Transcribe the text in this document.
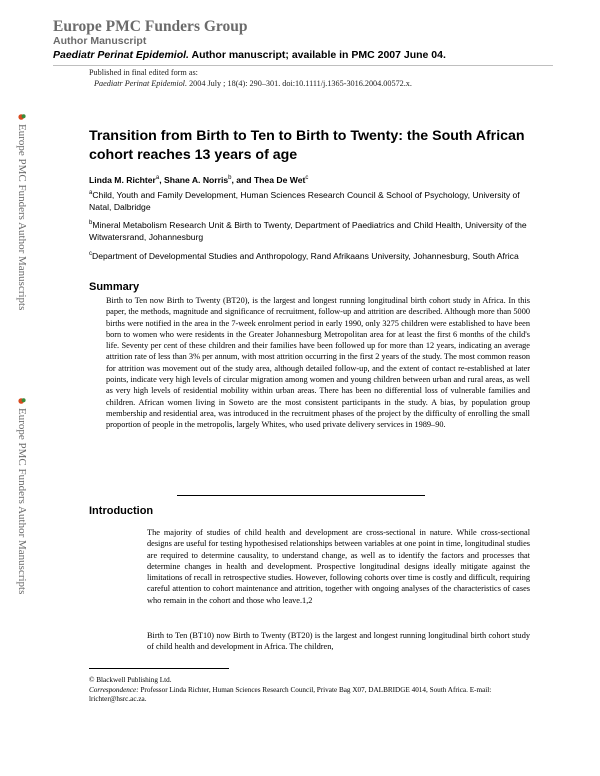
Europe PMC Funders Group
Author Manuscript
Paediatr Perinat Epidemiol. Author manuscript; available in PMC 2007 June 04.
Published in final edited form as:
Paediatr Perinat Epidemiol. 2004 July ; 18(4): 290–301. doi:10.1111/j.1365-3016.2004.00572.x.
Europe PMC Funders Author Manuscripts
Europe PMC Funders Author Manuscripts
Transition from Birth to Ten to Birth to Twenty: the South African cohort reaches 13 years of age
Linda M. Richter$^a$, Shane A. Norris$^b$, and Thea De Wet$^c$
$^a$Child, Youth and Family Development, Human Sciences Research Council & School of Psychology, University of Natal, Dalbridge
$^b$Mineral Metabolism Research Unit & Birth to Twenty, Department of Paediatrics and Child Health, University of the Witwatersrand, Johannesburg
$^c$Department of Developmental Studies and Anthropology, Rand Afrikaans University, Johannesburg, South Africa
Summary
Birth to Ten now Birth to Twenty (BT20), is the largest and longest running longitudinal birth cohort study in Africa. In this paper, the methods, magnitude and significance of recruitment, follow-up and attrition are described. Although more than 5000 births were notified in the area in the 7-week enrolment period in early 1990, only 3275 children were established to have been born to women who were residents in the Greater Johannesburg Metropolitan area for at least the first 6 months of the child's life. Seventy per cent of these children and their families have been followed up for more than 12 years, indicating an average attrition rate of less than 3% per annum, with most attrition occurring in the first 2 years of the study. The most common reason for attrition was movement out of the study area, although detailed follow-up, and the extent of contact re-established at later points, indicate very high levels of circular migration among women and young children between urban and rural areas, as well as very high levels of residential mobility within urban areas. There has been no differential loss of vulnerable families and children. African women living in Soweto are the most consistent participants in the study. A bias, by population group membership and residential area, was introduced in the recruitment phases of the project by the difficulty of enrolling the small proportion of people in the metropolis, largely Whites, who used private delivery services in 1989–90.
Introduction
The majority of studies of child health and development are cross-sectional in nature. While cross-sectional designs are useful for testing hypothesised relationships between variables at one point in time, longitudinal studies are required to determine causality, to understand change, as well as to identify the factors and processes that determine changes in health and development. Prospective longitudinal designs ideally mitigate against the limitations of recall in retrospective studies. However, following cohorts over time is costly and difficult, requiring careful attention to cohort maintenance and attrition, together with ongoing analyses of the characteristics of cases who remain in the cohort and those who leave.1,2
Birth to Ten (BT10) now Birth to Twenty (BT20) is the largest and longest running longitudinal birth cohort study of child health and development in Africa. The children,
© Blackwell Publishing Ltd.
Correspondence: Professor Linda Richter, Human Sciences Research Council, Private Bag X07, DALBRIDGE 4014, South Africa. E-mail: lrichter@hsrc.ac.za.
